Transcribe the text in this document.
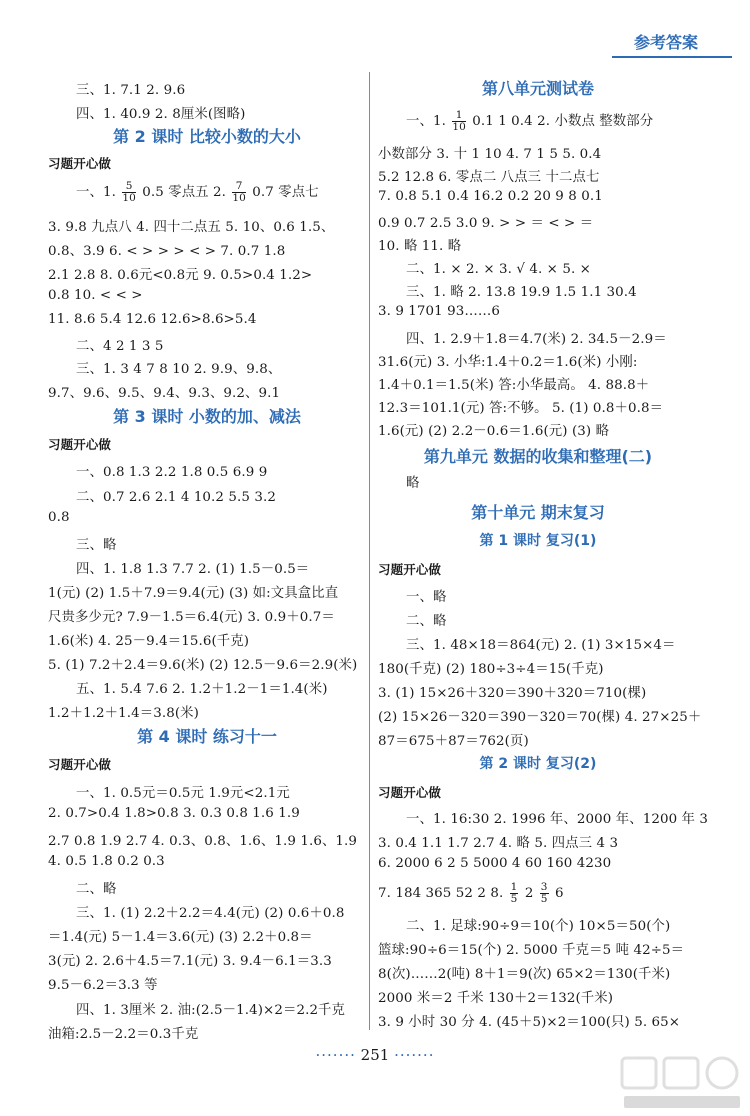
参考答案
三、1. 7.1 2. 9.6
四、1. 40.9 2. 8厘米(图略)
第 2 课时 比较小数的大小
习题开心做
一、1. $\frac{5}{10} 0.5$ 零点五 2. $\frac{7}{10} 0.7$ 零点七
3. 9.8 九点八 4. 四十二点五 5. 10、0.6 1.5、
0.8、3.9 6. < > > > < > 7. 0.7 1.8
2.1 2.8 8. 0.6元<0.8元 9. 0.5>0.4 1.2>
0.8 10. < < >
11. 8.6 5.4 12.6 12.6>8.6>5.4
二、4 2 1 3 5
三、1. 3 4 7 8 10 2. 9.9、9.8、
9.7、9.6、9.5、9.4、9.3、9.2、9.1
第 3 课时 小数的加、减法
习题开心做
一、0.8 1.3 2.2 1.8 0.5 6.9 9
二、0.7 2.6 2.1 4 10.2 5.5 3.2
0.8
三、略
四、1. 1.8 1.3 7.7 2. (1) 1.5－0.5＝
1(元) (2) 1.5＋7.9＝9.4(元) (3) 如:文具盒比直
尺贵多少元? 7.9－1.5＝6.4(元) 3. 0.9＋0.7＝
1.6(米) 4. 25－9.4＝15.6(千克)
5. (1) 7.2＋2.4＝9.6(米) (2) 12.5－9.6＝2.9(米)
五、1. 5.4 7.6 2. 1.2＋1.2－1＝1.4(米)
1.2＋1.2＋1.4＝3.8(米)
第 4 课时 练习十一
习题开心做
一、1. 0.5元＝0.5元 1.9元<2.1元
2. 0.7>0.4 1.8>0.8 3. 0.3 0.8 1.6 1.9
2.7 0.8 1.9 2.7 4. 0.3、0.8、1.6、1.9 1.6、1.9
4. 0.5 1.8 0.2 0.3
二、略
三、1. (1) 2.2＋2.2＝4.4(元) (2) 0.6＋0.8
＝1.4(元) 5－1.4＝3.6(元) (3) 2.2＋0.8＝
3(元) 2. 2.6＋4.5＝7.1(元) 3. 9.4－6.1＝3.3
9.5－6.2＝3.3 等
四、1. 3厘米 2. 油:(2.5－1.4)×2＝2.2千克
油箱:2.5－2.2＝0.3千克
第八单元测试卷
一、1. $\frac{1}{10} 0.1$ 1 0.4 2. 小数点 整数部分
小数部分 3. 十 1 10 4. 7 1 5 5. 0.4
5.2 12.8 6. 零点二 八点三 十二点七
7. 0.8 5.1 0.4 16.2 0.2 20 9 8 0.1
0.9 0.7 2.5 3.0 9. > > ＝ < > ＝
10. 略 11. 略
二、1. × 2. × 3. √ 4. × 5. ×
三、1. 略 2. 13.8 19.9 1.5 1.1 30.4
3. 9 1701 93……6
四、1. 2.9＋1.8＝4.7(米) 2. 34.5－2.9＝
31.6(元) 3. 小华:1.4＋0.2＝1.6(米) 小刚:
1.4＋0.1＝1.5(米) 答:小华最高。 4. 88.8＋
12.3＝101.1(元) 答:不够。 5. (1) 0.8＋0.8＝
1.6(元) (2) 2.2－0.6＝1.6(元) (3) 略
第九单元 数据的收集和整理(二)
略
第十单元 期末复习
第 1 课时 复习(1)
习题开心做
一、略
二、略
三、1. 48×18＝864(元) 2. (1) 3×15×4＝
180(千克) (2) 180÷3÷4＝15(千克)
3. (1) 15×26＋320＝390＋320＝710(棵)
(2) 15×26－320＝390－320＝70(棵) 4. 27×25＋
87＝675＋87＝762(页)
第 2 课时 复习(2)
习题开心做
一、1. 16:30 2. 1996 年、2000 年、1200 年 3
3. 0.4 1.1 1.7 2.7 4. 略 5. 四点三 4 3
6. 2000 6 2 5 5000 4 60 160 4230
7. 184 365 52 2 8. $\frac{1}{5} 2 \frac{3}{5} 6$
二、1. 足球:90÷9＝10(个) 10×5＝50(个)
篮球:90÷6＝15(个) 2. 5000 千克＝5 吨 42÷5＝
8(次)……2(吨) 8＋1＝9(次) 65×2＝130(千米)
2000 米＝2 千米 130＋2＝132(千米)
3. 9 小时 30 分 4. (45＋5)×2＝100(只) 5. 65×
······· 251 ·······
